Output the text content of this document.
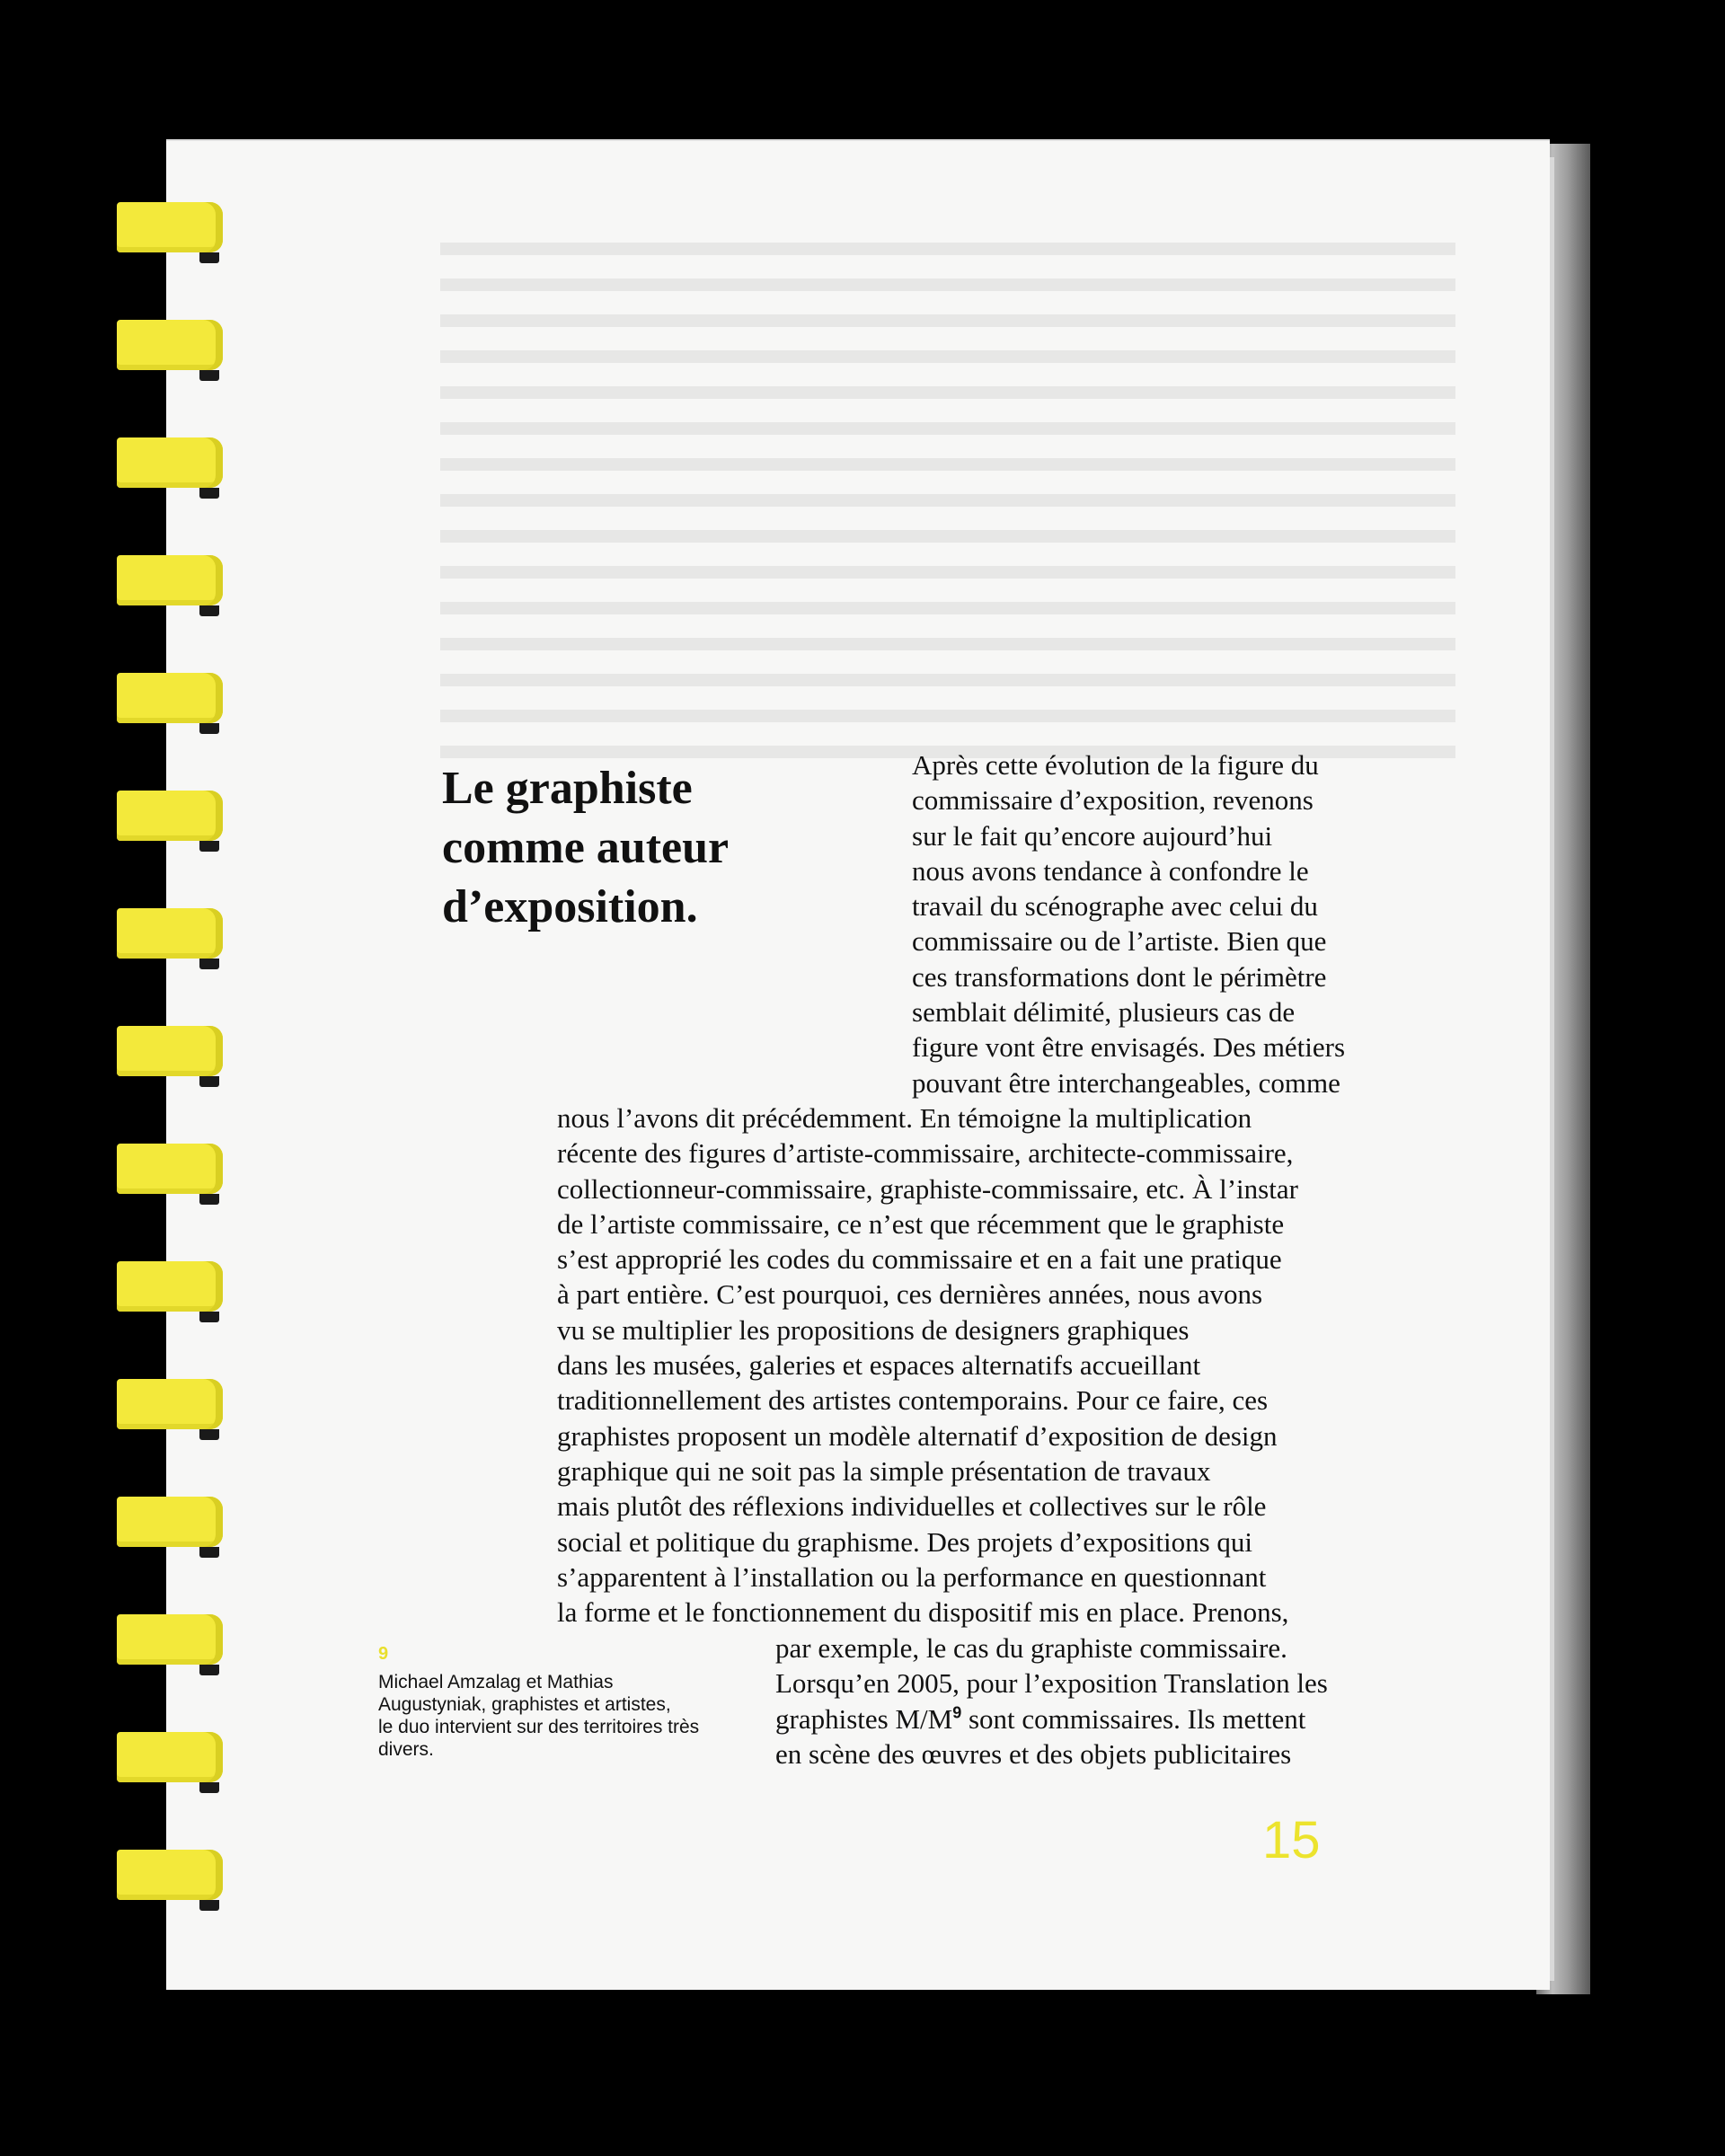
Le graphiste
comme auteur
d’exposition.

Après cette évolution de la figure du
commissaire d’exposition, revenons
sur le fait qu’encore aujourd’hui
nous avons tendance à confondre le
travail du scénographe avec celui du
commissaire ou de l’artiste. Bien que
ces transformations dont le périmètre
semblait délimité, plusieurs cas de
figure vont être envisagés. Des métiers
pouvant être interchangeables, comme

nous l’avons dit précédemment. En témoigne la multiplication
récente des figures d’artiste-commissaire, architecte-commissaire,
collectionneur-commissaire, graphiste-commissaire, etc. À l’instar
de l’artiste commissaire, ce n’est que récemment que le graphiste
s’est approprié les codes du commissaire et en a fait une pratique
à part entière. C’est pourquoi, ces dernières années, nous avons
vu se multiplier les propositions de designers graphiques
dans les musées, galeries et espaces alternatifs accueillant
traditionnellement des artistes contemporains. Pour ce faire, ces
graphistes proposent un modèle alternatif d’exposition de design
graphique qui ne soit pas la simple présentation de travaux
mais plutôt des réflexions individuelles et collectives sur le rôle
social et politique du graphisme. Des projets d’expositions qui
s’apparentent à l’installation ou la performance en questionnant
la forme et le fonctionnement du dispositif mis en place. Prenons,

par exemple, le cas du graphiste commissaire.
Lorsqu’en 2005, pour l’exposition Translation les
graphistes M/M$^9$ sont commissaires. Ils mettent
en scène des œuvres et des objets publicitaires

9

Michael Amzalag et Mathias
Augustyniak, graphistes et artistes,
le duo intervient sur des territoires très
divers.

15
